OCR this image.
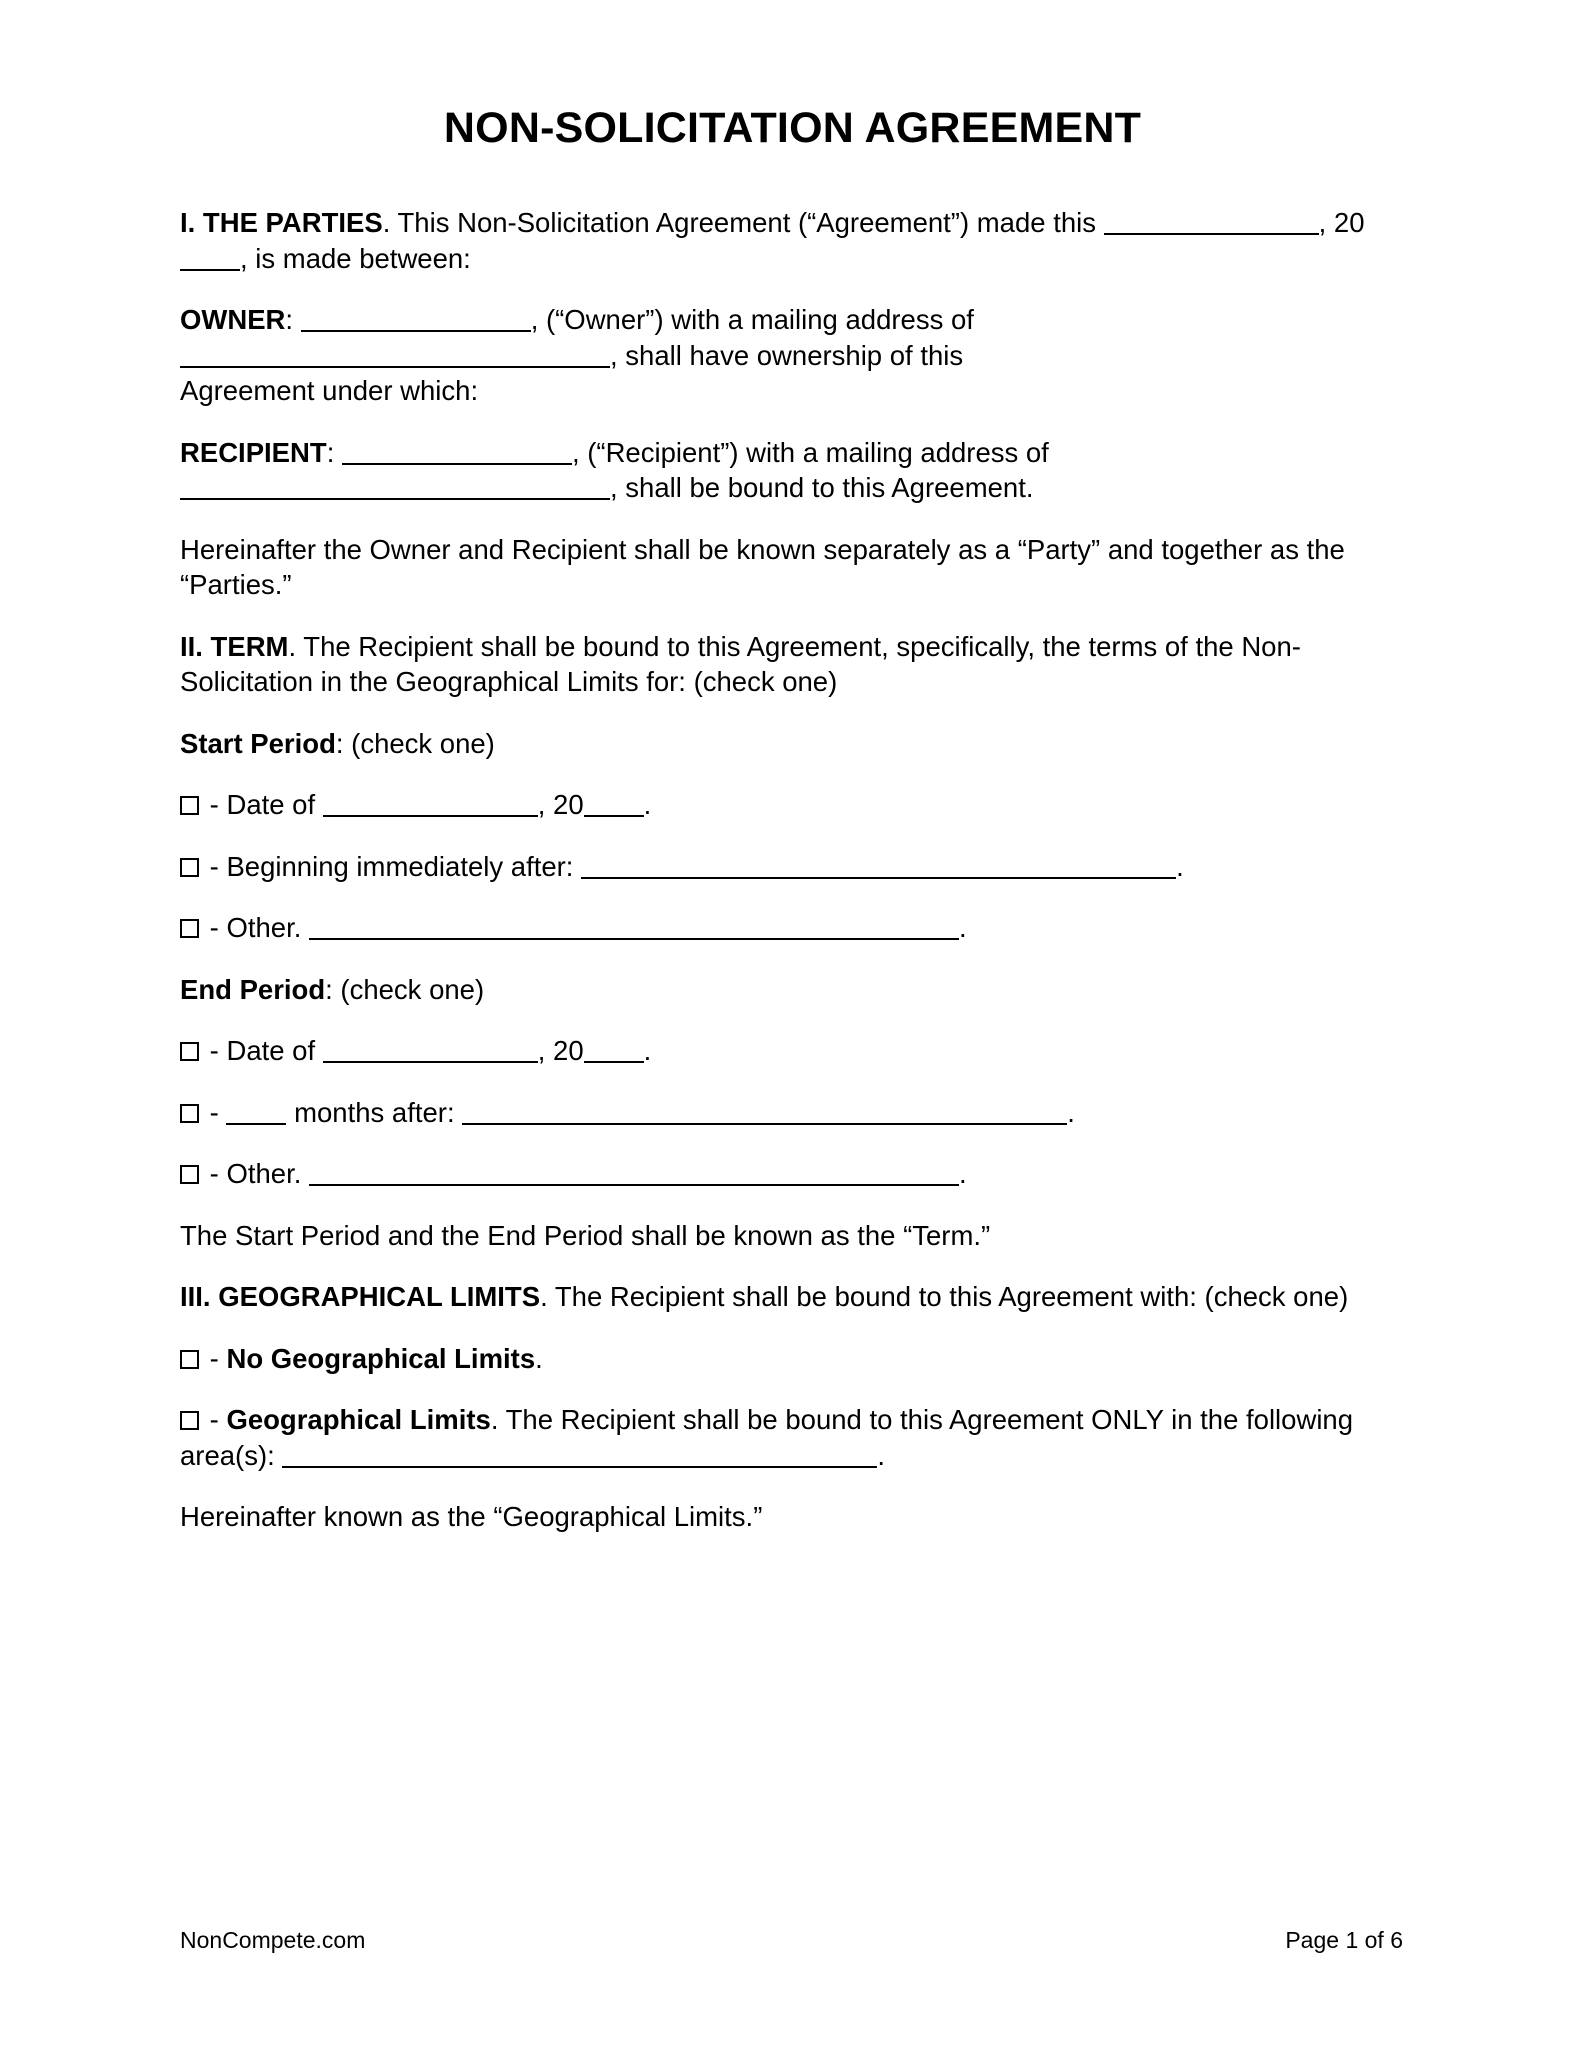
NON-SOLICITATION AGREEMENT

I. THE PARTIES. This Non-Solicitation Agreement (“Agreement”) made this	, 20, is made between:

OWNER:	, (“Owner”) with a mailing address of
, shall have ownership of this
Agreement under which:

RECIPIENT:	, (“Recipient”) with a mailing address of
, shall be bound to this Agreement.

Hereinafter the Owner and Recipient shall be known separately as a “Party” and together as the “Parties.”

II. TERM. The Recipient shall be bound to this Agreement, specifically, the terms of the Non-Solicitation in the Geographical Limits for: (check one)

Start Period: (check one)

- Date of	, 20 .

- Beginning immediately after:	.

- Other.	.

End Period: (check one)

- Date of	, 20 .

-	months after:	.

- Other.	.

The Start Period and the End Period shall be known as the “Term.”

III. GEOGRAPHICAL LIMITS. The Recipient shall be bound to this Agreement with: (check one)

- No Geographical Limits.

- Geographical Limits. The Recipient shall be bound to this Agreement ONLY in the following area(s):	.

Hereinafter known as the “Geographical Limits.”

NonCompete.com	Page 1 of 6
